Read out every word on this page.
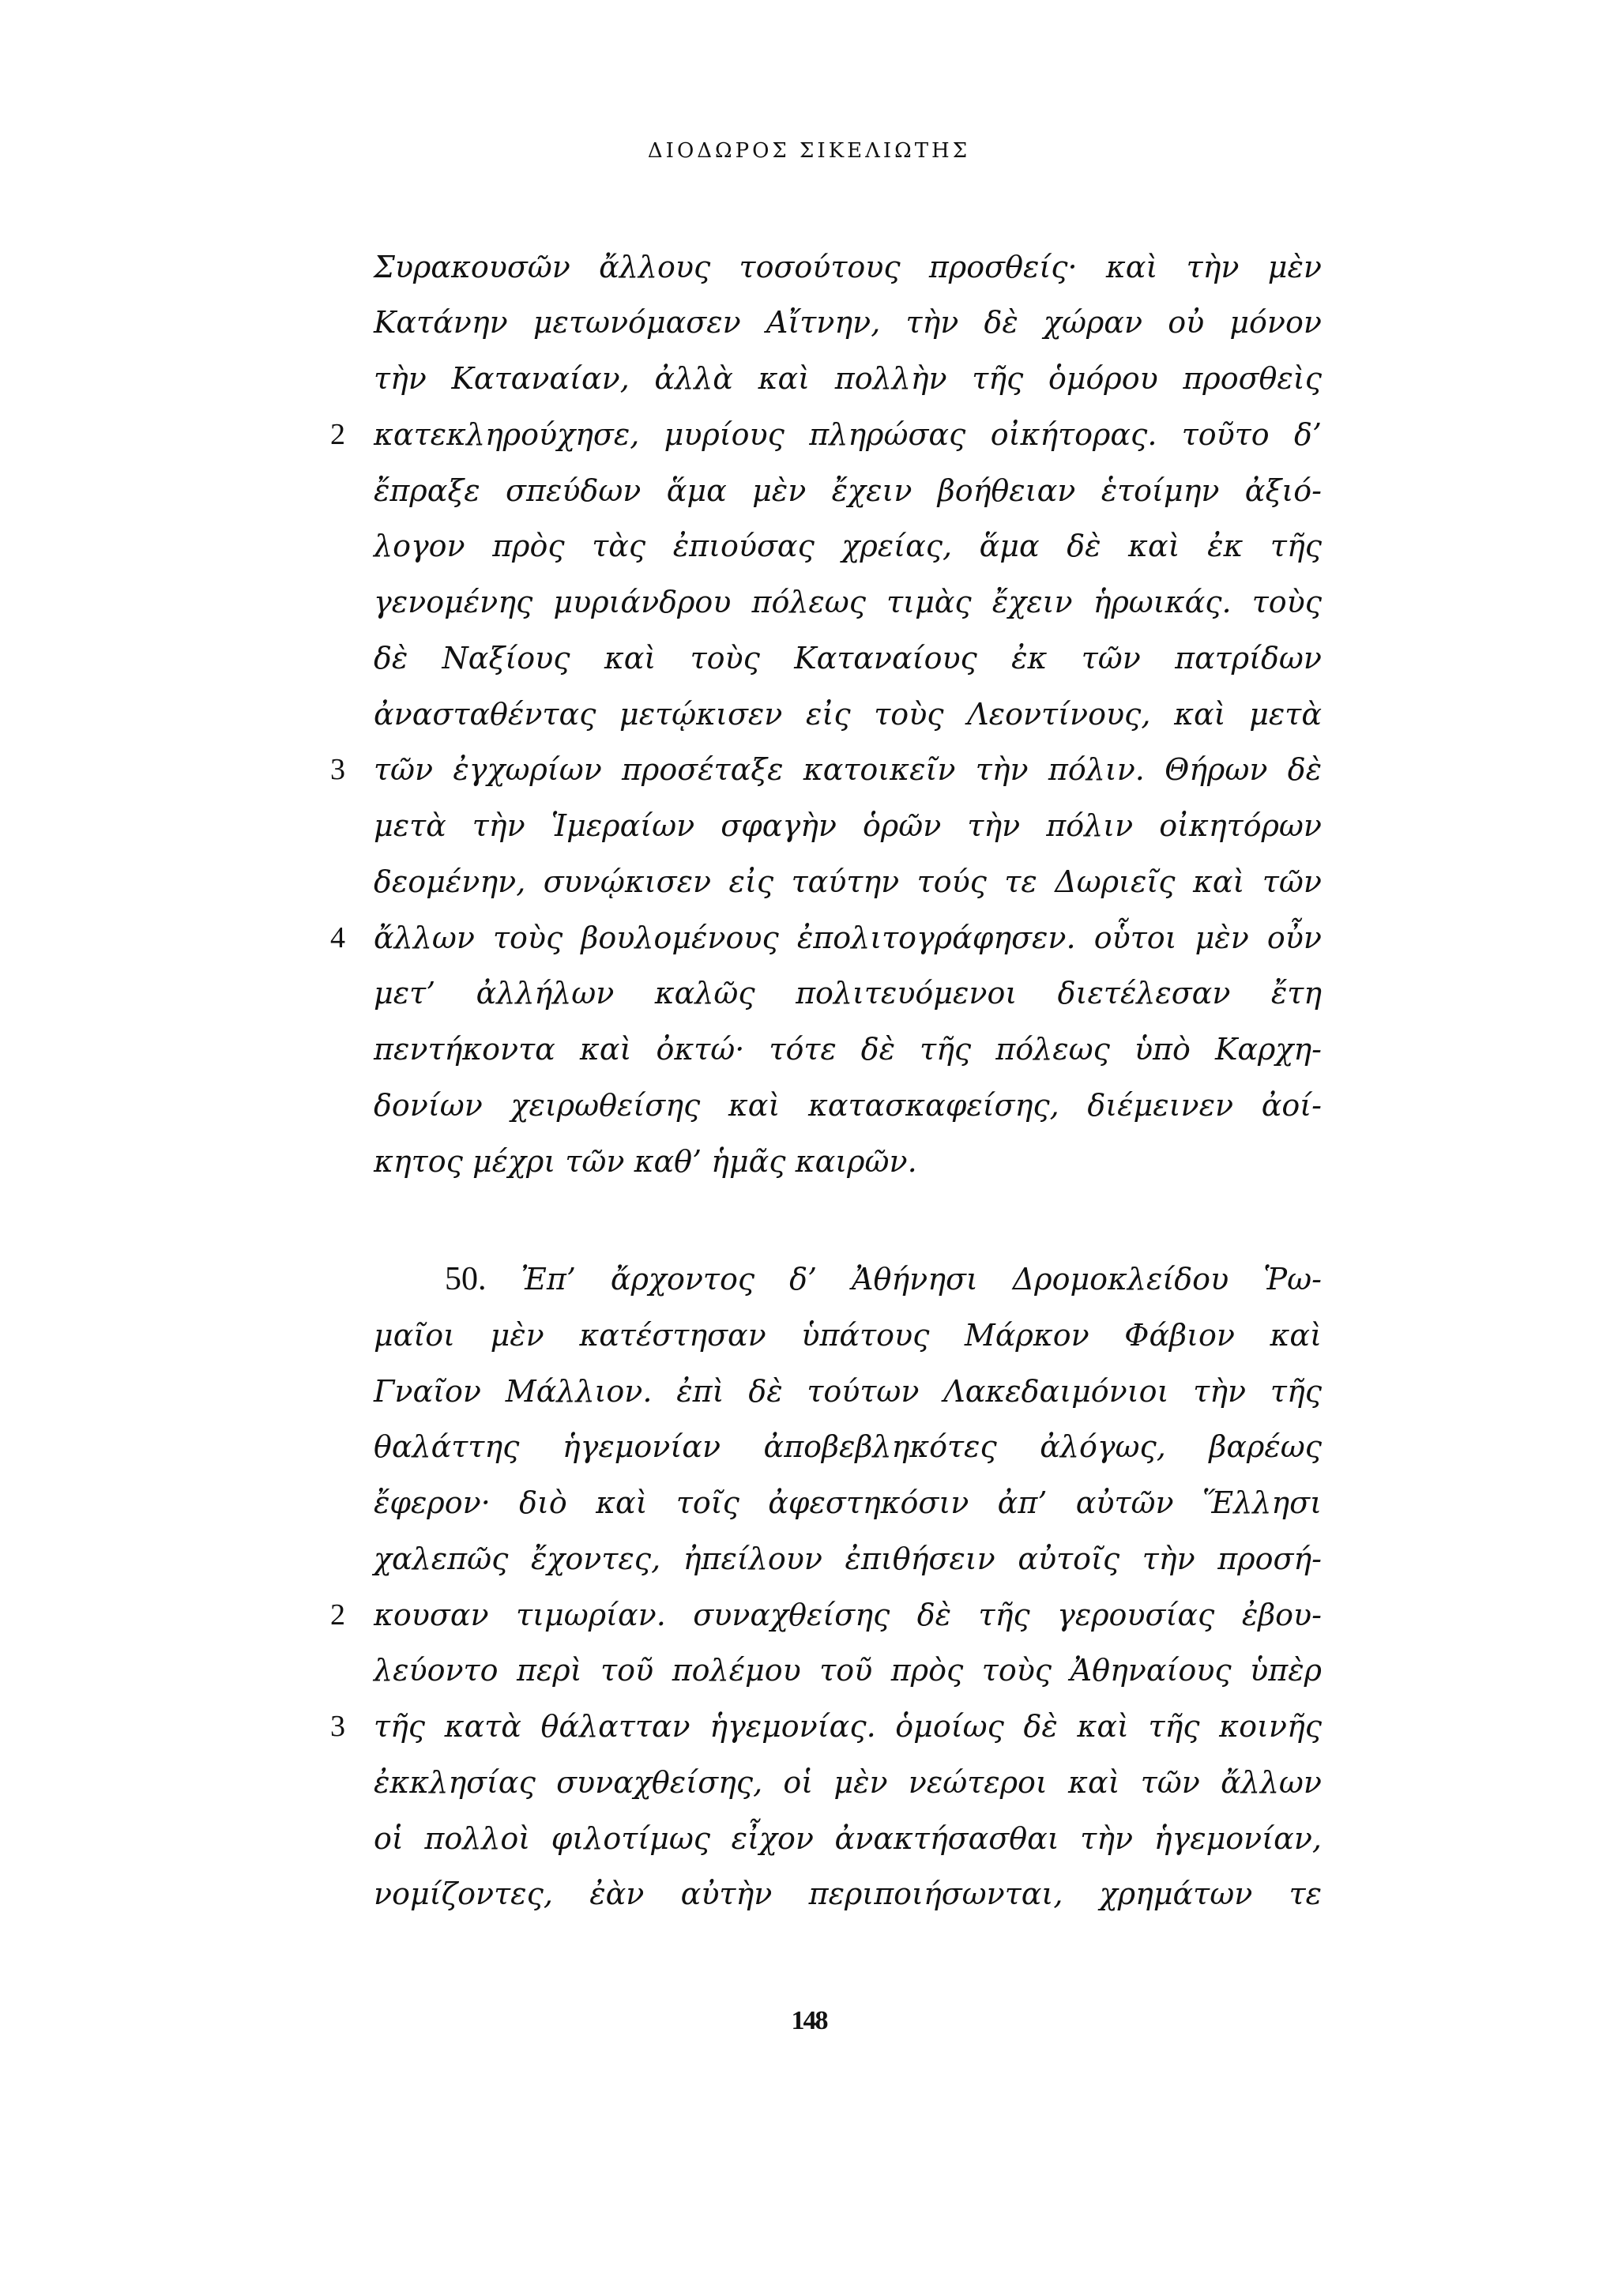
ΔΙΟΔΩΡΟΣ ΣΙΚΕΛΙΩΤΗΣ
Συρακουσῶν ἄλλους τοσούτους προσθείς· καὶ τὴν μὲν
Κατάνην μετωνόμασεν Αἴτνην, τὴν δὲ χώραν οὐ μόνον
τὴν Καταναίαν, ἀλλὰ καὶ πολλὴν τῆς ὁμόρου προσθεὶς
κατεκληρούχησε, μυρίους πληρώσας οἰκήτορας. τοῦτο δ’
ἔπραξε σπεύδων ἅμα μὲν ἔχειν βοήθειαν ἑτοίμην ἀξιό-
λογον πρὸς τὰς ἐπιούσας χρείας, ἅμα δὲ καὶ ἐκ τῆς
γενομένης μυριάνδρου πόλεως τιμὰς ἔχειν ἡρωικάς. τοὺς
δὲ Ναξίους καὶ τοὺς Καταναίους ἐκ τῶν πατρίδων
ἀνασταθέντας μετῴκισεν εἰς τοὺς Λεοντίνους, καὶ μετὰ
τῶν ἐγχωρίων προσέταξε κατοικεῖν τὴν πόλιν. Θήρων δὲ
μετὰ τὴν Ἱμεραίων σφαγὴν ὁρῶν τὴν πόλιν οἰκητόρων
δεομένην, συνῴκισεν εἰς ταύτην τούς τε Δωριεῖς καὶ τῶν
ἄλλων τοὺς βουλομένους ἐπολιτογράφησεν. οὗτοι μὲν οὖν
μετ’ ἀλλήλων καλῶς πολιτευόμενοι διετέλεσαν ἔτη
πεντήκοντα καὶ ὀκτώ· τότε δὲ τῆς πόλεως ὑπὸ Καρχη-
δονίων χειρωθείσης καὶ κατασκαφείσης, διέμεινεν ἀοί-
κητος μέχρι τῶν καθ’ ἡμᾶς καιρῶν.
2
3
4
50. Ἐπ’ ἄρχοντος δ’ Ἀθήνησι Δρομοκλείδου Ῥω-
μαῖοι μὲν κατέστησαν ὑπάτους Μάρκον Φάβιον καὶ
Γναῖον Μάλλιον. ἐπὶ δὲ τούτων Λακεδαιμόνιοι τὴν τῆς
θαλάττης ἡγεμονίαν ἀποβεβληκότες ἀλόγως, βαρέως
ἔφερον· διὸ καὶ τοῖς ἀφεστηκόσιν ἀπ’ αὐτῶν Ἕλλησι
χαλεπῶς ἔχοντες, ἠπείλουν ἐπιθήσειν αὐτοῖς τὴν προσή-
κουσαν τιμωρίαν. συναχθείσης δὲ τῆς γερουσίας ἐβου-
λεύοντο περὶ τοῦ πολέμου τοῦ πρὸς τοὺς Ἀθηναίους ὑπὲρ
τῆς κατὰ θάλατταν ἡγεμονίας. ὁμοίως δὲ καὶ τῆς κοινῆς
ἐκκλησίας συναχθείσης, οἱ μὲν νεώτεροι καὶ τῶν ἄλλων
οἱ πολλοὶ φιλοτίμως εἶχον ἀνακτήσασθαι τὴν ἡγεμονίαν,
νομίζοντες, ἐὰν αὐτὴν περιποιήσωνται, χρημάτων τε
2
3
148
